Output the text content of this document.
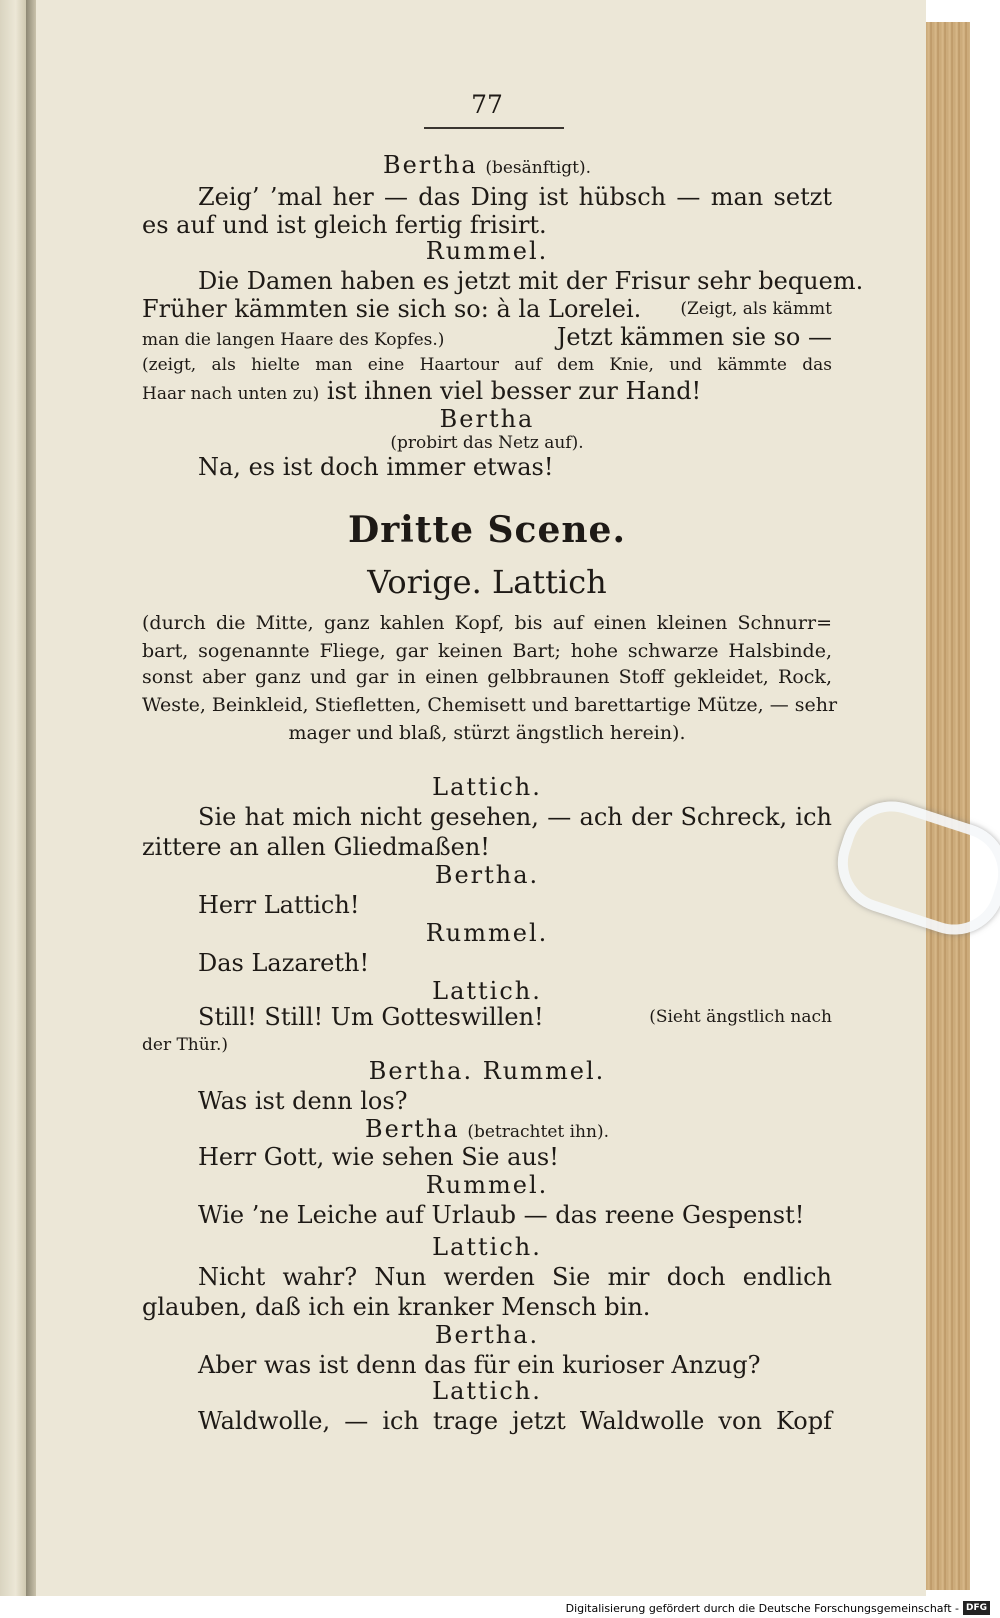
77
Bertha (besänftigt).
Zeig’ ’mal her — das Ding ist hübsch — man setzt
es auf und ist gleich fertig frisirt.
Rummel.
Die Damen haben es jetzt mit der Frisur sehr bequem.
Früher kämmten sie sich so: à la Lorelei. (Zeigt, als kämmt
man die langen Haare des Kopfes.)	Jetzt kämmen sie so —
(zeigt, als hielte man eine Haartour auf dem Knie, und kämmte das
Haar nach unten zu) ist ihnen viel besser zur Hand!
Bertha
(probirt das Netz auf).
Na, es ist doch immer etwas!
Dritte Scene.
Vorige. Lattich
(durch die Mitte, ganz kahlen Kopf, bis auf einen kleinen Schnurr=
bart, sogenannte Fliege, gar keinen Bart; hohe schwarze Halsbinde,
sonst aber ganz und gar in einen gelbbraunen Stoff gekleidet, Rock,
Weste, Beinkleid, Stiefletten, Chemisett und barettartige Mütze, — sehr
mager und blaß, stürzt ängstlich herein).
Lattich.
Sie hat mich nicht gesehen, — ach der Schreck, ich
zittere an allen Gliedmaßen!
Bertha.
Herr Lattich!
Rummel.
Das Lazareth!
Lattich.
Still! Still! Um Gotteswillen!	(Sieht ängstlich nach
der Thür.)
Bertha. Rummel.
Was ist denn los?
Bertha (betrachtet ihn).
Herr Gott, wie sehen Sie aus!
Rummel.
Wie ’ne Leiche auf Urlaub — das reene Gespenst!
Lattich.
Nicht wahr? Nun werden Sie mir doch endlich
glauben, daß ich ein kranker Mensch bin.
Bertha.
Aber was ist denn das für ein kurioser Anzug?
Lattich.
Waldwolle, — ich trage jetzt Waldwolle von Kopf
Digitalisierung gefördert durch die Deutsche Forschungsgemeinschaft - DFG
